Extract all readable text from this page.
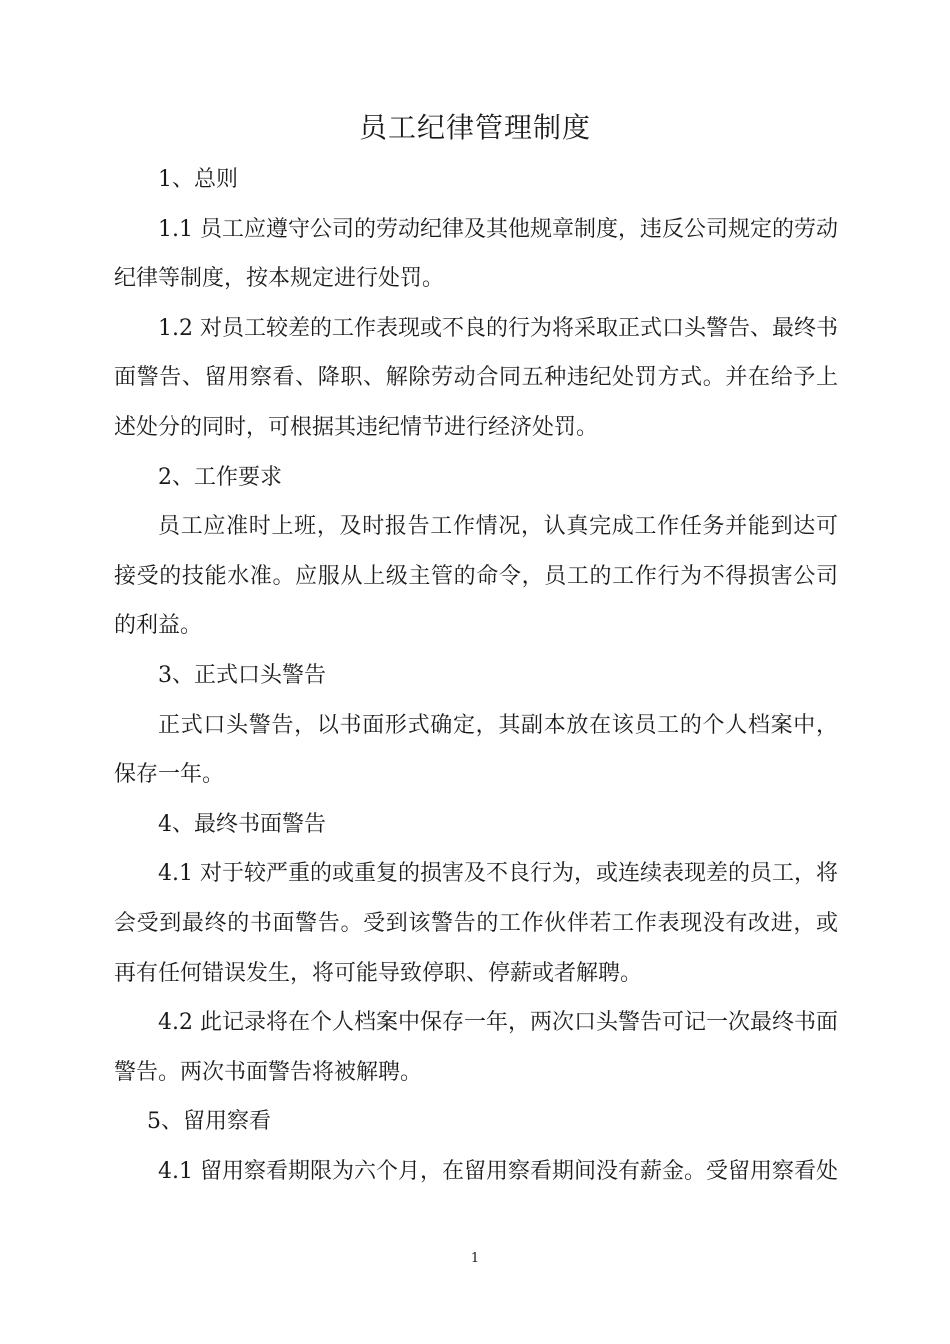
员工纪律管理制度

1、总则

1.1 员工应遵守公司的劳动纪律及其他规章制度，违反公司规定的劳动纪律等制度，按本规定进行处罚。

1.2 对员工较差的工作表现或不良的行为将采取正式口头警告、最终书面警告、留用察看、降职、解除劳动合同五种违纪处罚方式。并在给予上述处分的同时，可根据其违纪情节进行经济处罚。

2、工作要求

员工应准时上班，及时报告工作情况，认真完成工作任务并能到达可接受的技能水准。应服从上级主管的命令，员工的工作行为不得损害公司的利益。

3、正式口头警告

正式口头警告，以书面形式确定，其副本放在该员工的个人档案中，保存一年。

4、最终书面警告

4.1 对于较严重的或重复的损害及不良行为，或连续表现差的员工，将会受到最终的书面警告。受到该警告的工作伙伴若工作表现没有改进，或再有任何错误发生，将可能导致停职、停薪或者解聘。

4.2 此记录将在个人档案中保存一年，两次口头警告可记一次最终书面警告。两次书面警告将被解聘。

5、留用察看

4.1 留用察看期限为六个月，在留用察看期间没有薪金。受留用察看处

1
